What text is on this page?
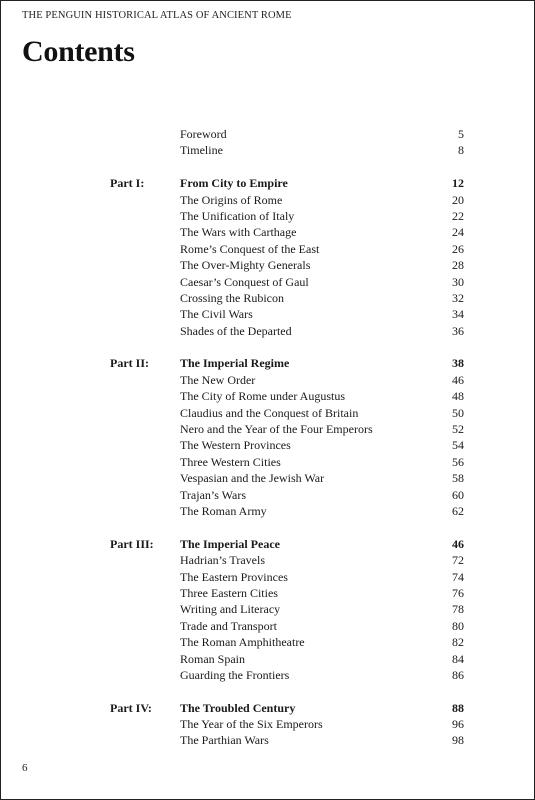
THE PENGUIN HISTORICAL ATLAS OF ANCIENT ROME
Contents
Foreword	5
Timeline	8
Part I:	From City to Empire	12
The Origins of Rome	20
The Unification of Italy	22
The Wars with Carthage	24
Rome’s Conquest of the East	26
The Over-Mighty Generals	28
Caesar’s Conquest of Gaul	30
Crossing the Rubicon	32
The Civil Wars	34
Shades of the Departed	36
Part II:	The Imperial Regime	38
The New Order	46
The City of Rome under Augustus	48
Claudius and the Conquest of Britain	50
Nero and the Year of the Four Emperors	52
The Western Provinces	54
Three Western Cities	56
Vespasian and the Jewish War	58
Trajan’s Wars	60
The Roman Army	62
Part III: The Imperial Peace	46
Hadrian’s Travels	72
The Eastern Provinces	74
Three Eastern Cities	76
Writing and Literacy	78
Trade and Transport	80
The Roman Amphitheatre	82
Roman Spain	84
Guarding the Frontiers	86
Part IV: The Troubled Century	88
The Year of the Six Emperors	96
The Parthian Wars	98
6
